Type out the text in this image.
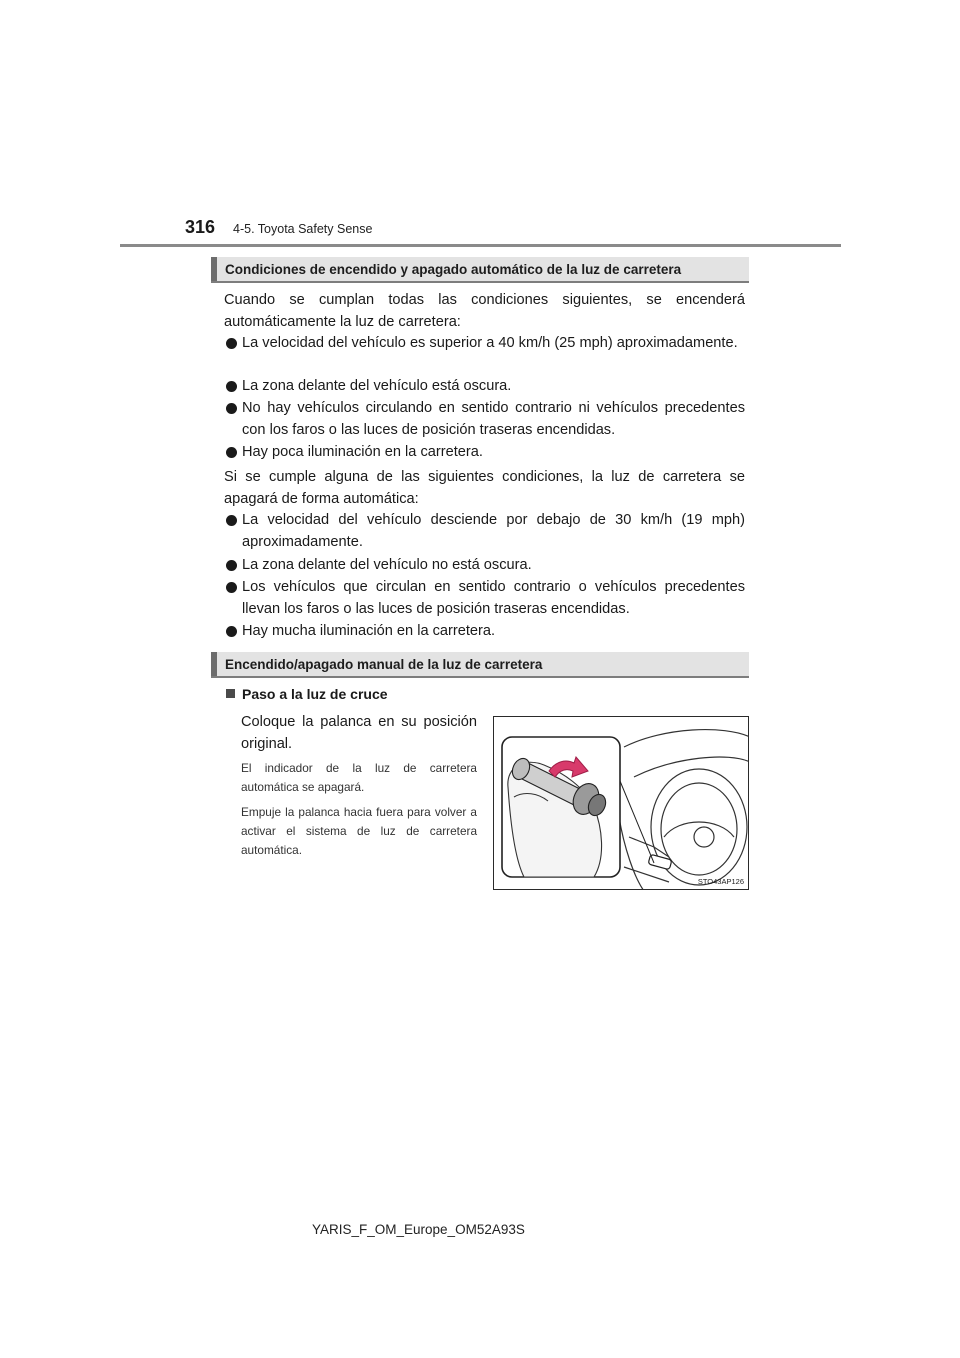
316 4-5. Toyota Safety Sense
Condiciones de encendido y apagado automático de la luz de carretera
Cuando se cumplan todas las condiciones siguientes, se encenderá automáticamente la luz de carretera:
La velocidad del vehículo es superior a 40 km/h (25 mph) aproximadamente.
La zona delante del vehículo está oscura.
No hay vehículos circulando en sentido contrario ni vehículos precedentes con los faros o las luces de posición traseras encendidas.
Hay poca iluminación en la carretera.
Si se cumple alguna de las siguientes condiciones, la luz de carretera se apagará de forma automática:
La velocidad del vehículo desciende por debajo de 30 km/h (19 mph) aproximadamente.
La zona delante del vehículo no está oscura.
Los vehículos que circulan en sentido contrario o vehículos precedentes llevan los faros o las luces de posición traseras encendidas.
Hay mucha iluminación en la carretera.
Encendido/apagado manual de la luz de carretera
Paso a la luz de cruce
Coloque la palanca en su posición original.
El indicador de la luz de carretera automática se apagará.
Empuje la palanca hacia fuera para volver a activar el sistema de luz de carretera automática.
STO43AP126
YARIS_F_OM_Europe_OM52A93S
